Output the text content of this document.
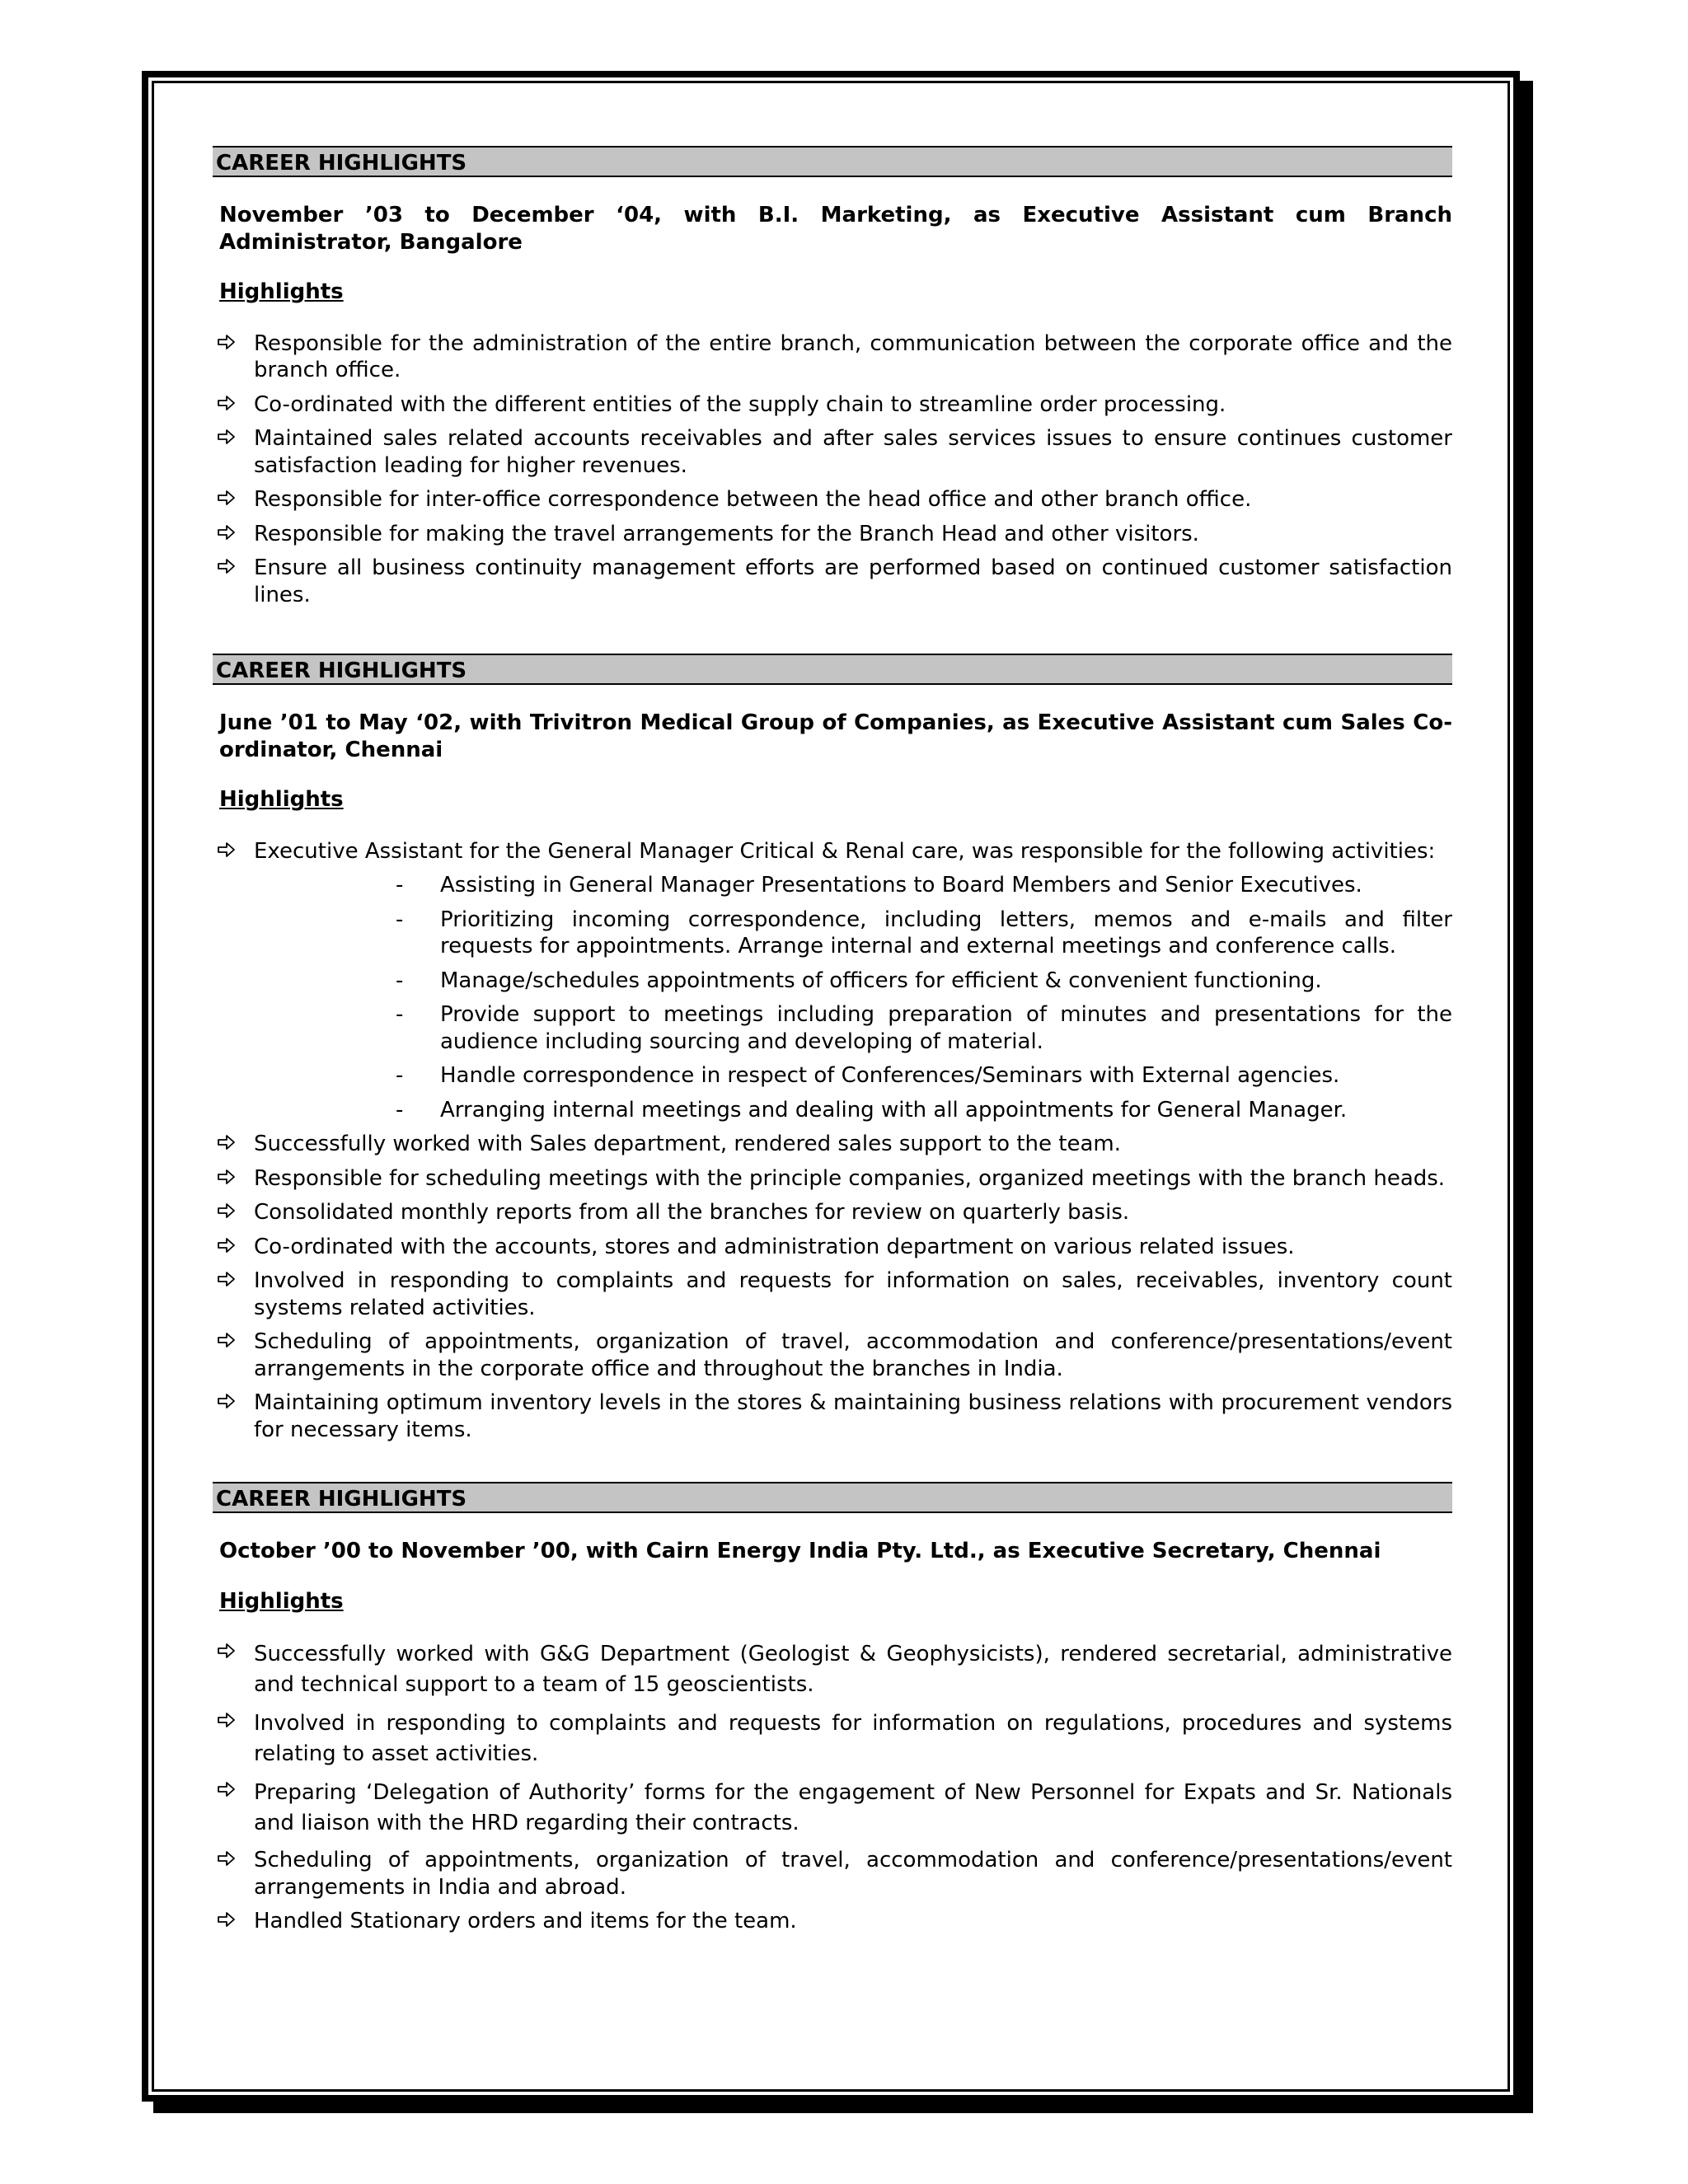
CAREER HIGHLIGHTS
November ’03 to December ‘04, with B.I. Marketing, as Executive Assistant cum Branch Administrator, Bangalore
Highlights
Responsible for the administration of the entire branch, communication between the corporate office and the branch office.
Co-ordinated with the different entities of the supply chain to streamline order processing.
Maintained sales related accounts receivables and after sales services issues to ensure continues customer satisfaction leading for higher revenues.
Responsible for inter-office correspondence between the head office and other branch office.
Responsible for making the travel arrangements for the Branch Head and other visitors.
Ensure all business continuity management efforts are performed based on continued customer satisfaction lines.
CAREER HIGHLIGHTS
June ’01 to May ‘02, with Trivitron Medical Group of Companies, as Executive Assistant cum Sales Co-ordinator, Chennai
Highlights
Executive Assistant for the General Manager Critical & Renal care, was responsible for the following activities:
- Assisting in General Manager Presentations to Board Members and Senior Executives.
- Prioritizing incoming correspondence, including letters, memos and e-mails and filter requests for appointments. Arrange internal and external meetings and conference calls.
- Manage/schedules appointments of officers for efficient & convenient functioning.
- Provide support to meetings including preparation of minutes and presentations for the audience including sourcing and developing of material.
- Handle correspondence in respect of Conferences/Seminars with External agencies.
- Arranging internal meetings and dealing with all appointments for General Manager.
Successfully worked with Sales department, rendered sales support to the team.
Responsible for scheduling meetings with the principle companies, organized meetings with the branch heads.
Consolidated monthly reports from all the branches for review on quarterly basis.
Co-ordinated with the accounts, stores and administration department on various related issues.
Involved in responding to complaints and requests for information on sales, receivables, inventory count systems related activities.
Scheduling of appointments, organization of travel, accommodation and conference/presentations/event arrangements in the corporate office and throughout the branches in India.
Maintaining optimum inventory levels in the stores & maintaining business relations with procurement vendors for necessary items.
CAREER HIGHLIGHTS
October ’00 to November ’00, with Cairn Energy India Pty. Ltd., as Executive Secretary, Chennai
Highlights
Successfully worked with G&G Department (Geologist & Geophysicists), rendered secretarial, administrative and technical support to a team of 15 geoscientists.
Involved in responding to complaints and requests for information on regulations, procedures and systems relating to asset activities.
Preparing ‘Delegation of Authority’ forms for the engagement of New Personnel for Expats and Sr. Nationals and liaison with the HRD regarding their contracts.
Scheduling of appointments, organization of travel, accommodation and conference/presentations/event arrangements in India and abroad.
Handled Stationary orders and items for the team.
